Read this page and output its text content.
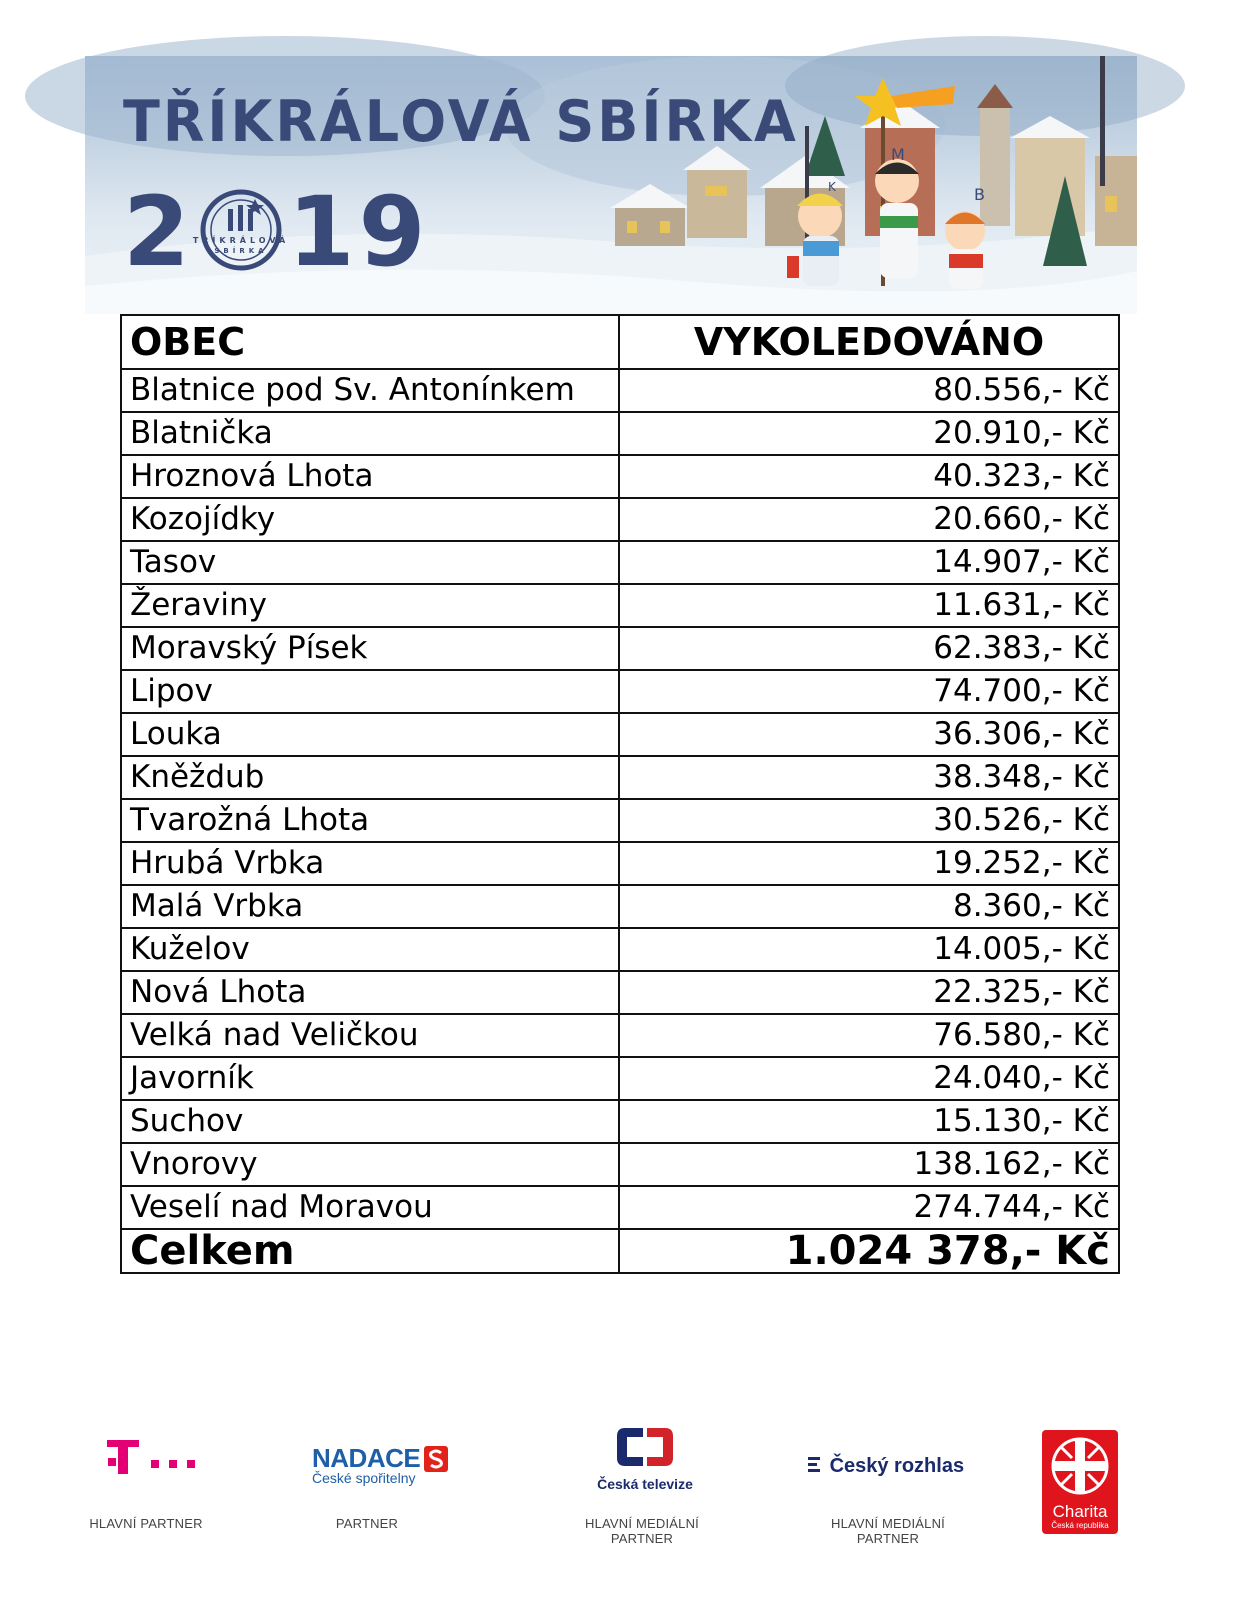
K
M
B
TŘÍKRÁLOVÁ SBÍRKA
2
TŘÍKRÁLOVÁ
SBÍRKA 19
OBEC	VYKOLEDOVÁNO
Blatnice pod Sv. Antonínkem	80.556,- Kč
Blatnička	20.910,- Kč
Hroznová Lhota	40.323,- Kč
Kozojídky	20.660,- Kč
Tasov	14.907,- Kč
Žeraviny	11.631,- Kč
Moravský Písek	62.383,- Kč
Lipov	74.700,- Kč
Louka	36.306,- Kč
Kněždub	38.348,- Kč
Tvarožná Lhota	30.526,- Kč
Hrubá Vrbka	19.252,- Kč
Malá Vrbka	8.360,- Kč
Kuželov	14.005,- Kč
Nová Lhota	22.325,- Kč
Velká nad Veličkou	76.580,- Kč
Javorník	24.040,- Kč
Suchov	15.130,- Kč
Vnorovy	138.162,- Kč
Veselí nad Moravou	274.744,- Kč
Celkem	1.024 378,- Kč
HLAVNÍ PARTNER
NADACE
České spořitelny
PARTNER
Česká televize
HLAVNÍ MEDIÁLNÍ PARTNER
Český rozhlas
HLAVNÍ MEDIÁLNÍ PARTNER
Charita
Česká republika
